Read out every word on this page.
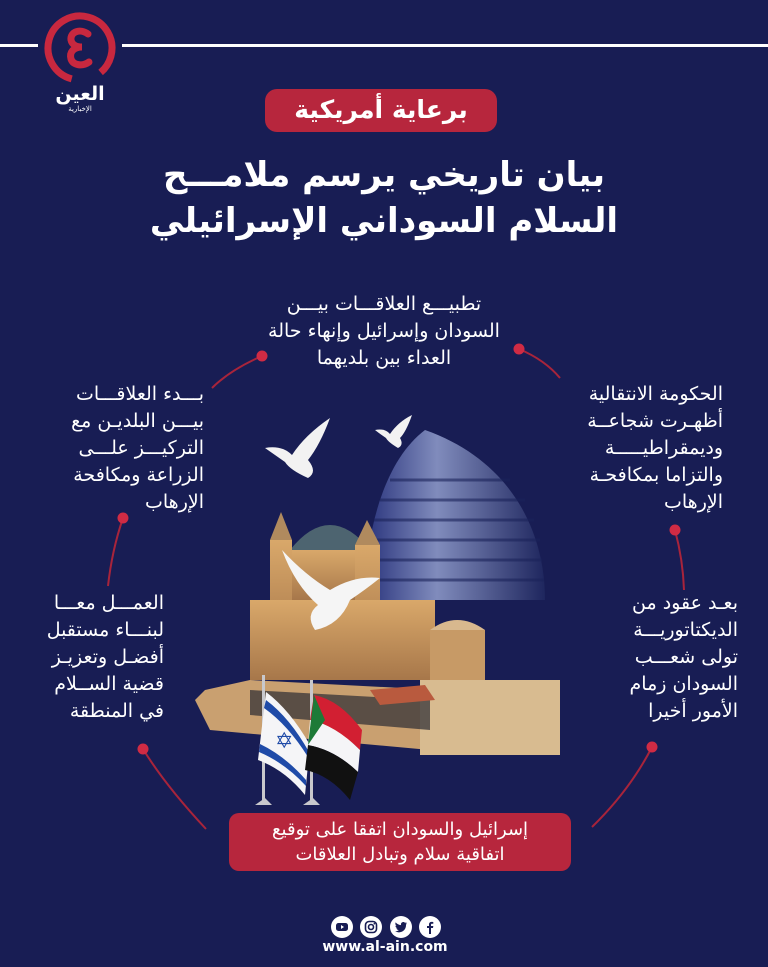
العين
الإخبارية	برعاية أمريكية
بيان تاريخي يرسم ملامـــح
السلام السوداني الإسرائيلي
تطبيـــع العلاقـــات بيـــن السودان وإسرائيل وإنهاء حالة العداء بين بلديهما
الحكومة الانتقالية أظهـرت شجاعــة وديمقراطيـــــة والتزاما بمكافحـة الإرهاب
بـــدء العلاقـــات بيـــن البلديـن مع التركيـــز علـــى الزراعة ومكافحة الإرهاب
بعـد عقود من الديكتاتوريـــة تولى شعـــب السودان زمام الأمور أخيرا
العمـــل معـــا لبنـــاء مستقبل أفضـل وتعزيـز قضية الســلام في المنطقة
✡
إسرائيل والسودان اتفقا على توقيع
اتفاقية سلام وتبادل العلاقات
www.al-ain.com
